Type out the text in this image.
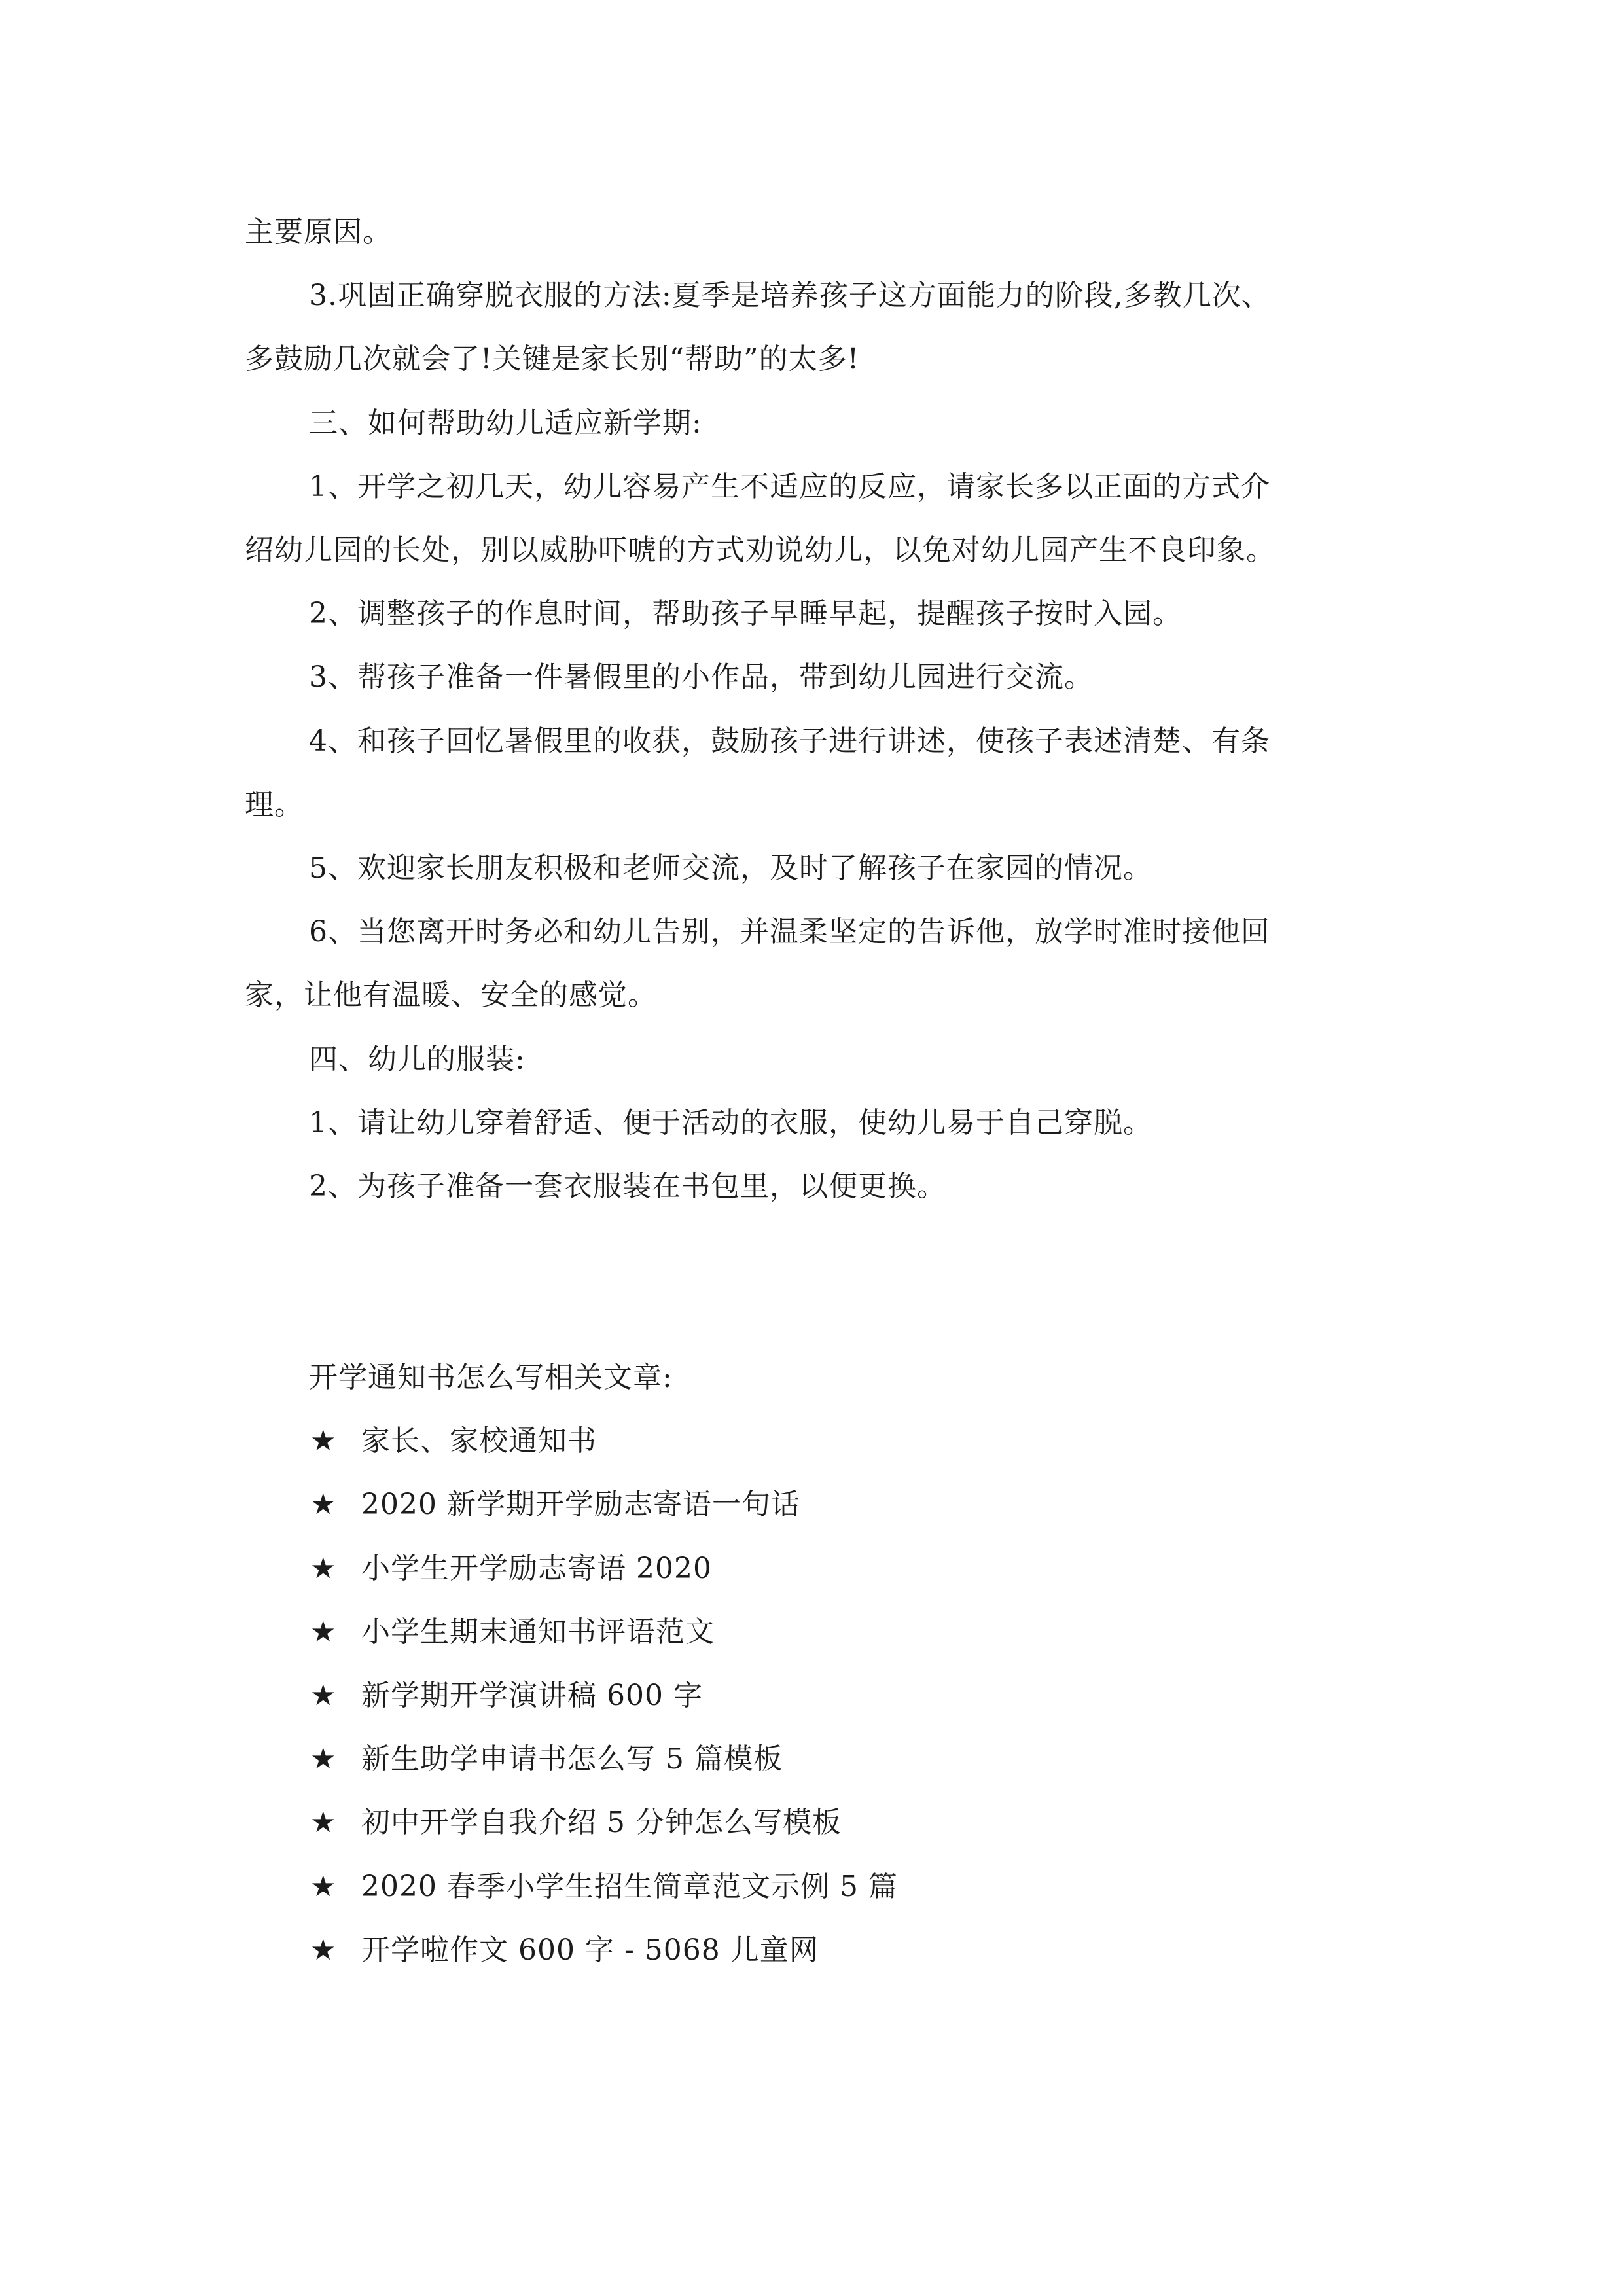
主要原因。
3.巩固正确穿脱衣服的方法:夏季是培养孩子这方面能力的阶段,多教几次、
多鼓励几次就会了!关键是家长别“帮助”的太多!
三、如何帮助幼儿适应新学期:
1、开学之初几天，幼儿容易产生不适应的反应，请家长多以正面的方式介
绍幼儿园的长处，别以威胁吓唬的方式劝说幼儿，以免对幼儿园产生不良印象。
2、调整孩子的作息时间，帮助孩子早睡早起，提醒孩子按时入园。
3、帮孩子准备一件暑假里的小作品，带到幼儿园进行交流。
4、和孩子回忆暑假里的收获，鼓励孩子进行讲述，使孩子表述清楚、有条
理。
5、欢迎家长朋友积极和老师交流，及时了解孩子在家园的情况。
6、当您离开时务必和幼儿告别，并温柔坚定的告诉他，放学时准时接他回
家，让他有温暖、安全的感觉。
四、幼儿的服装:
1、请让幼儿穿着舒适、便于活动的衣服，使幼儿易于自己穿脱。
2、为孩子准备一套衣服装在书包里，以便更换。
开学通知书怎么写相关文章:
★ 家长、家校通知书
★ 2020 新学期开学励志寄语一句话
★ 小学生开学励志寄语 2020
★ 小学生期末通知书评语范文
★ 新学期开学演讲稿 600 字
★ 新生助学申请书怎么写 5 篇模板
★ 初中开学自我介绍 5 分钟怎么写模板
★ 2020 春季小学生招生简章范文示例 5 篇
★ 开学啦作文 600 字 - 5068 儿童网
